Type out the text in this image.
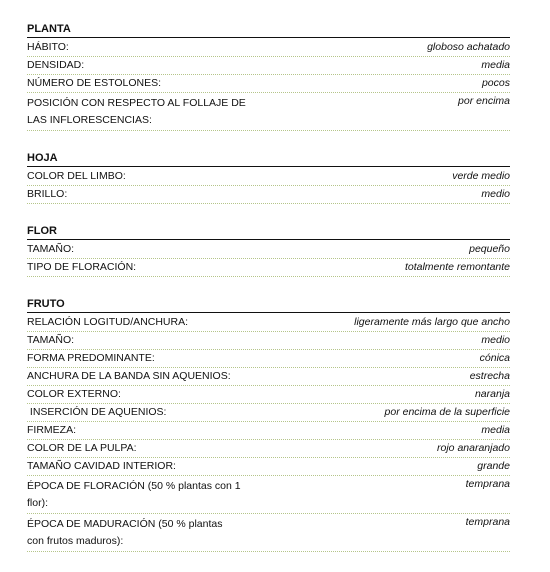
PLANTA
HÁBITO:	globoso achatado
DENSIDAD:	media
NÚMERO DE ESTOLONES:	pocos
POSICIÓN CON RESPECTO AL FOLLAJE DE LAS INFLORESCENCIAS:
por encima
HOJA
COLOR DEL LIMBO:	verde medio
BRILLO:	medio
FLOR
TAMAÑO:	pequeño
TIPO DE FLORACIÓN:	totalmente remontante
FRUTO
RELACIÓN LOGITUD/ANCHURA:	ligeramente más largo que ancho
TAMAÑO:	medio
FORMA PREDOMINANTE:	cónica
ANCHURA DE LA BANDA SIN AQUENIOS:	estrecha
COLOR EXTERNO:	naranja
INSERCIÓN DE AQUENIOS:	por encima de la superficie
FIRMEZA:	media
COLOR DE LA PULPA:	rojo anaranjado
TAMAÑO CAVIDAD INTERIOR:	grande
ÉPOCA DE FLORACIÓN (50 % plantas con 1 flor):
temprana
ÉPOCA DE MADURACIÓN (50 % plantas con frutos maduros):
temprana
